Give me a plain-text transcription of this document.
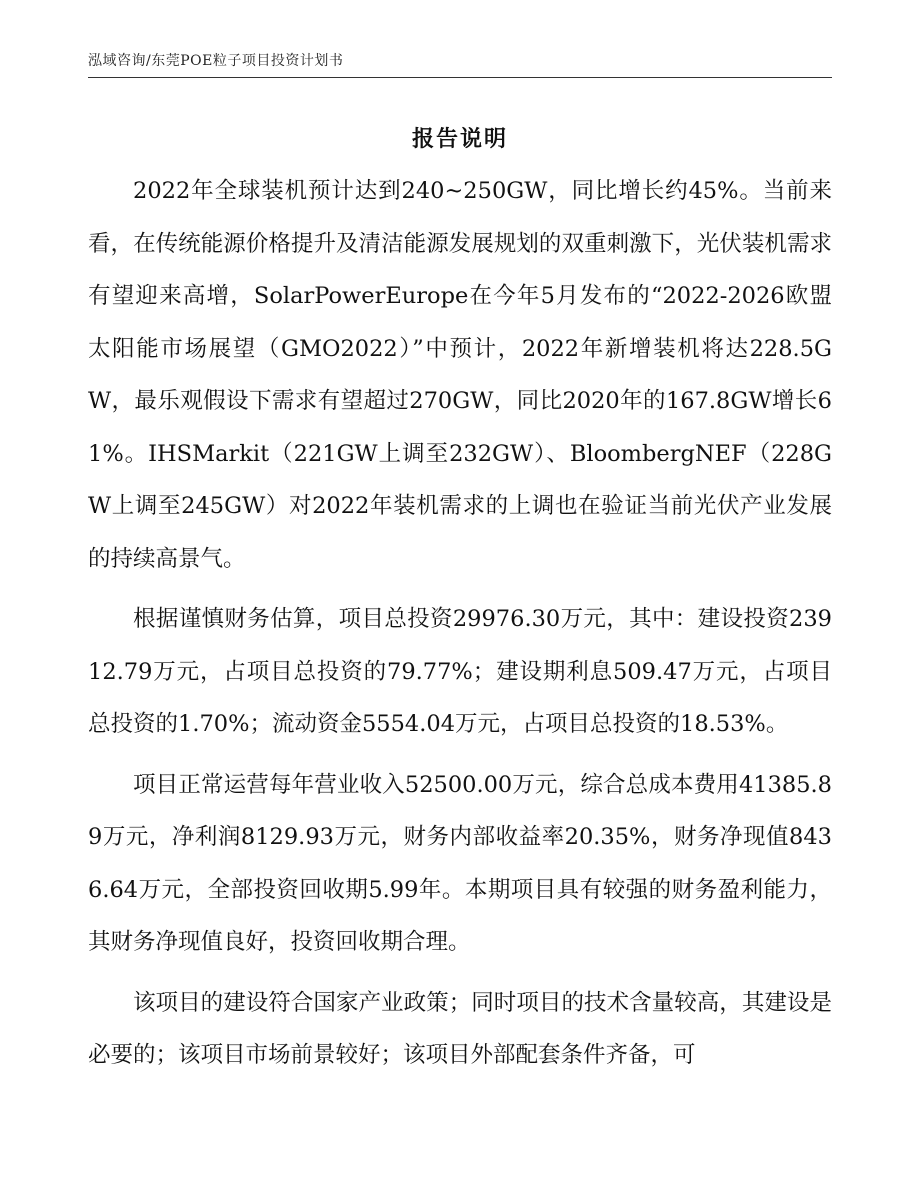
泓域咨询/东莞POE粒子项目投资计划书
报告说明

2022年全球装机预计达到240~250GW，同比增长约45%。当前来看，在传统能源价格提升及清洁能源发展规划的双重刺激下，光伏装机需求有望迎来高增，SolarPowerEurope在今年5月发布的“2022-2026欧盟太阳能市场展望（GMO2022）”中预计，2022年新增装机将达228.5GW，最乐观假设下需求有望超过270GW，同比2020年的167.8GW增长61%。IHSMarkit（221GW上调至232GW）、BloombergNEF（228GW上调至245GW）对2022年装机需求的上调也在验证当前光伏产业发展的持续高景气。

根据谨慎财务估算，项目总投资29976.30万元，其中：建设投资23912.79万元，占项目总投资的79.77%；建设期利息509.47万元，占项目总投资的1.70%；流动资金5554.04万元，占项目总投资的18.53%。

项目正常运营每年营业收入52500.00万元，综合总成本费用41385.89万元，净利润8129.93万元，财务内部收益率20.35%，财务净现值8436.64万元，全部投资回收期5.99年。本期项目具有较强的财务盈利能力，其财务净现值良好，投资回收期合理。

该项目的建设符合国家产业政策；同时项目的技术含量较高，其建设是必要的；该项目市场前景较好；该项目外部配套条件齐备，可
